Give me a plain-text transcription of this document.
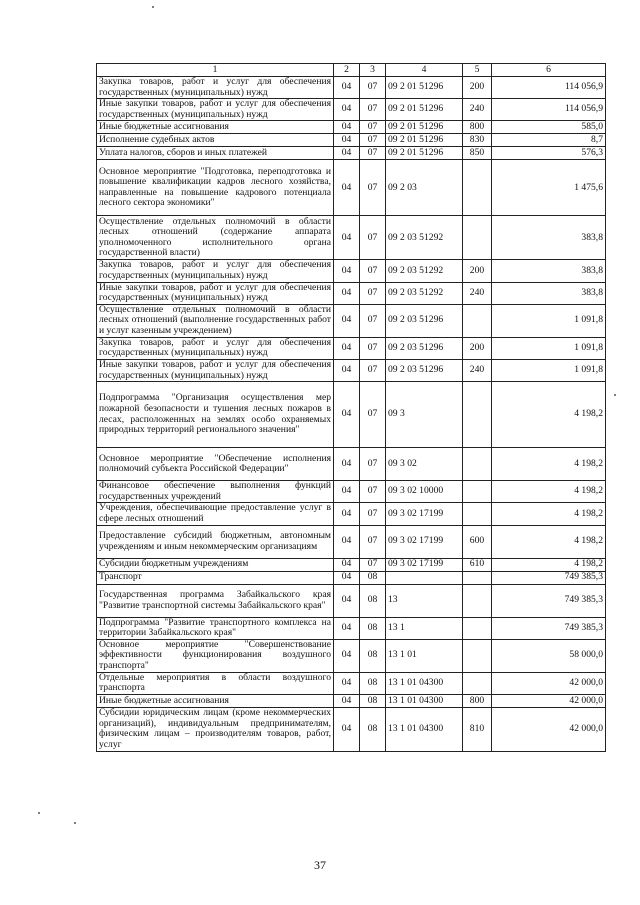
1	2	3	4	5	6
Закупка товаров, работ и услуг для обеспечения государственных (муниципальных) нужд	04	07	09 2 01 51296	200	114 056,9
Иные закупки товаров, работ и услуг для обеспечения государственных (муниципальных) нужд	04	07	09 2 01 51296	240	114 056,9
Иные бюджетные ассигнования	04	07	09 2 01 51296	800	585,0
Исполнение судебных актов	04	07	09 2 01 51296	830	8,7
Уплата налогов, сборов и иных платежей	04	07	09 2 01 51296	850	576,3
Основное мероприятие "Подготовка, переподготовка и повышение квалификации кадров лесного хозяйства, направленные на повышение кадрового потенциала лесного сектора экономики"	04	07	09 2 03		1 475,6
Осуществление отдельных полномочий в области лесных отношений (содержание аппарата уполномоченного исполнительного органа государственной власти)	04	07	09 2 03 51292		383,8
Закупка товаров, работ и услуг для обеспечения государственных (муниципальных) нужд	04	07	09 2 03 51292	200	383,8
Иные закупки товаров, работ и услуг для обеспечения государственных (муниципальных) нужд	04	07	09 2 03 51292	240	383,8
Осуществление отдельных полномочий в области лесных отношений (выполнение государственных работ и услуг казенным учреждением)	04	07	09 2 03 51296		1 091,8
Закупка товаров, работ и услуг для обеспечения государственных (муниципальных) нужд	04	07	09 2 03 51296	200	1 091,8
Иные закупки товаров, работ и услуг для обеспечения государственных (муниципальных) нужд	04	07	09 2 03 51296	240	1 091,8
Подпрограмма "Организация осуществления мер пожарной безопасности и тушения лесных пожаров в лесах, расположенных на землях особо охраняемых природных территорий регионального значения"	04	07	09 3		4 198,2
Основное мероприятие "Обеспечение исполнения полномочий субъекта Российской Федерации"	04	07	09 3 02		4 198,2
Финансовое обеспечение выполнения функций государственных учреждений	04	07	09 3 02 10000		4 198,2
Учреждения, обеспечивающие предоставление услуг в сфере лесных отношений	04	07	09 3 02 17199		4 198,2
Предоставление субсидий бюджетным, автономным учреждениям и иным некоммерческим организациям	04	07	09 3 02 17199	600	4 198,2
Субсидии бюджетным учреждениям	04	07	09 3 02 17199	610	4 198,2
Транспорт	04	08			749 385,3
Государственная программа Забайкальского края "Развитие транспортной системы Забайкальского края"	04	08	13		749 385,3
Подпрограмма "Развитие транспортного комплекса на территории Забайкальского края"	04	08	13 1		749 385,3
Основное мероприятие "Совершенствование эффективности функционирования воздушного транспорта"	04	08	13 1 01		58 000,0
Отдельные мероприятия в области воздушного транспорта	04	08	13 1 01 04300		42 000,0
Иные бюджетные ассигнования	04	08	13 1 01 04300	800	42 000,0
Субсидии юридическим лицам (кроме некоммерческих организаций), индивидуальным предпринимателям, физическим лицам – производителям товаров, работ, услуг	04	08	13 1 01 04300	810	42 000,0
37
